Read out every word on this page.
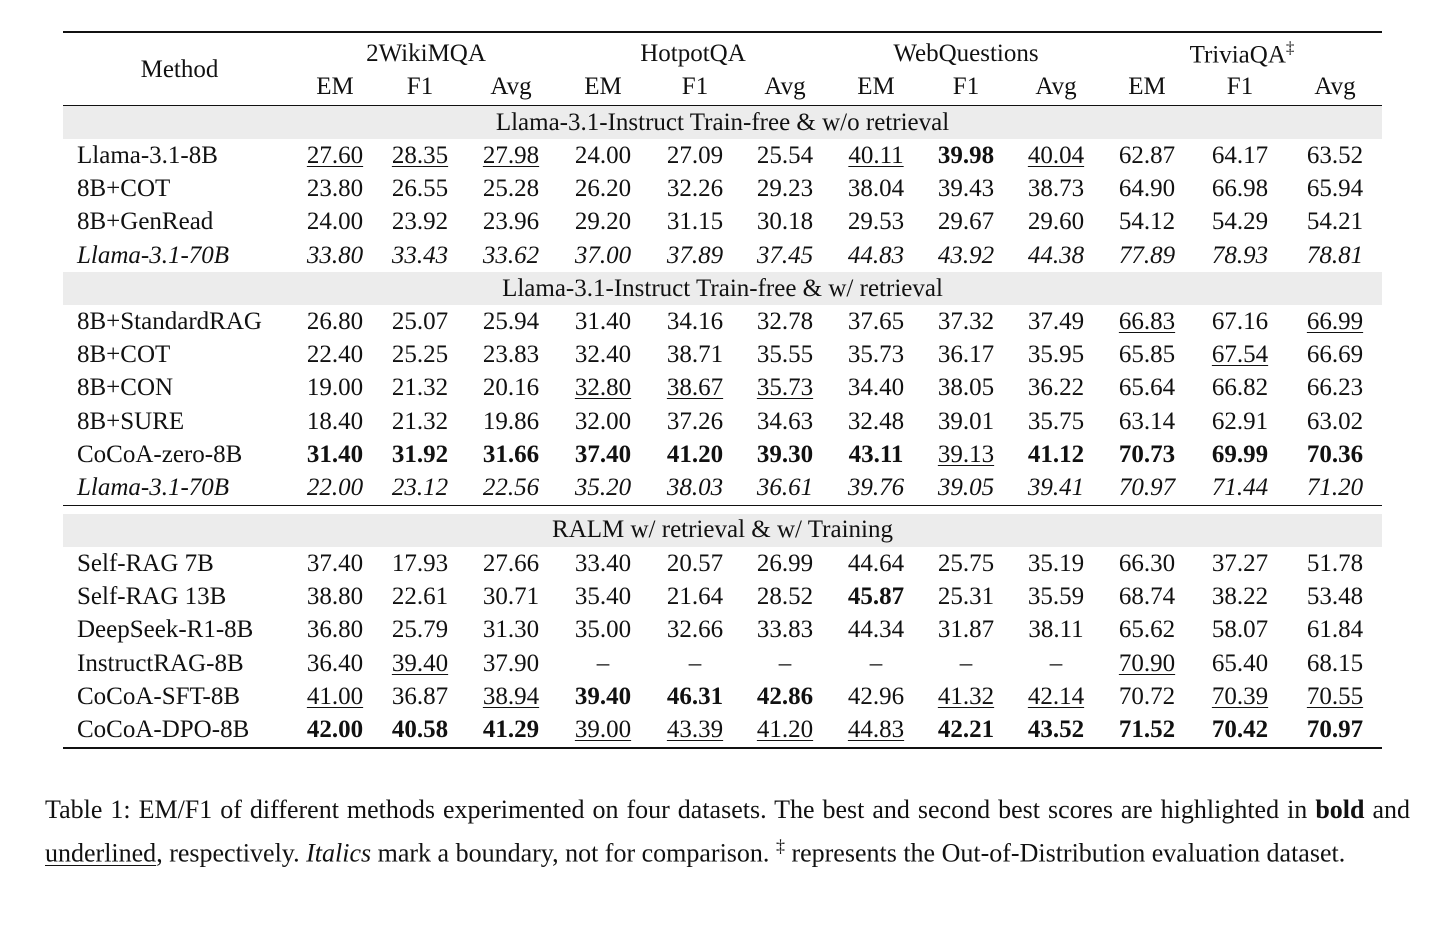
Method	2WikiMQA			HotpotQA			WebQuestions			TriviaQA‡
	EM	F1	Avg	EM	F1	Avg	EM	F1	Avg	EM	F1	Avg
Llama-3.1-Instruct Train-free & w/o retrieval												
Llama-3.1-8B	27.60	28.35	27.98	24.00	27.09	25.54	40.11	39.98	40.04	62.87	64.17	63.52
8B+COT	23.80	26.55	25.28	26.20	32.26	29.23	38.04	39.43	38.73	64.90	66.98	65.94
8B+GenRead	24.00	23.92	23.96	29.20	31.15	30.18	29.53	29.67	29.60	54.12	54.29	54.21
Llama-3.1-70B	33.80	33.43	33.62	37.00	37.89	37.45	44.83	43.92	44.38	77.89	78.93	78.81
Llama-3.1-Instruct Train-free & w/ retrieval												
8B+StandardRAG	26.80	25.07	25.94	31.40	34.16	32.78	37.65	37.32	37.49	66.83	67.16	66.99
8B+COT	22.40	25.25	23.83	32.40	38.71	35.55	35.73	36.17	35.95	65.85	67.54	66.69
8B+CON	19.00	21.32	20.16	32.80	38.67	35.73	34.40	38.05	36.22	65.64	66.82	66.23
8B+SURE	18.40	21.32	19.86	32.00	37.26	34.63	32.48	39.01	35.75	63.14	62.91	63.02
CoCoA-zero-8B	31.40	31.92	31.66	37.40	41.20	39.30	43.11	39.13	41.12	70.73	69.99	70.36
Llama-3.1-70B	22.00	23.12	22.56	35.20	38.03	36.61	39.76	39.05	39.41	70.97	71.44	71.20

RALM w/ retrieval & w/ Training												
Self-RAG 7B	37.40	17.93	27.66	33.40	20.57	26.99	44.64	25.75	35.19	66.30	37.27	51.78
Self-RAG 13B	38.80	22.61	30.71	35.40	21.64	28.52	45.87	25.31	35.59	68.74	38.22	53.48
DeepSeek-R1-8B	36.80	25.79	31.30	35.00	32.66	33.83	44.34	31.87	38.11	65.62	58.07	61.84
InstructRAG-8B	36.40	39.40	37.90	–	–	–	–	–	–	70.90	65.40	68.15
CoCoA-SFT-8B	41.00	36.87	38.94	39.40	46.31	42.86	42.96	41.32	42.14	70.72	70.39	70.55
CoCoA-DPO-8B	42.00	40.58	41.29	39.00	43.39	41.20	44.83	42.21	43.52	71.52	70.42	70.97
Table 1: EM/F1 of different methods experimented on four datasets. The best and second best scores are highlighted in bold and underlined, respectively. Italics mark a boundary, not for comparison. ‡ represents the Out-of-Distribution evaluation dataset.
